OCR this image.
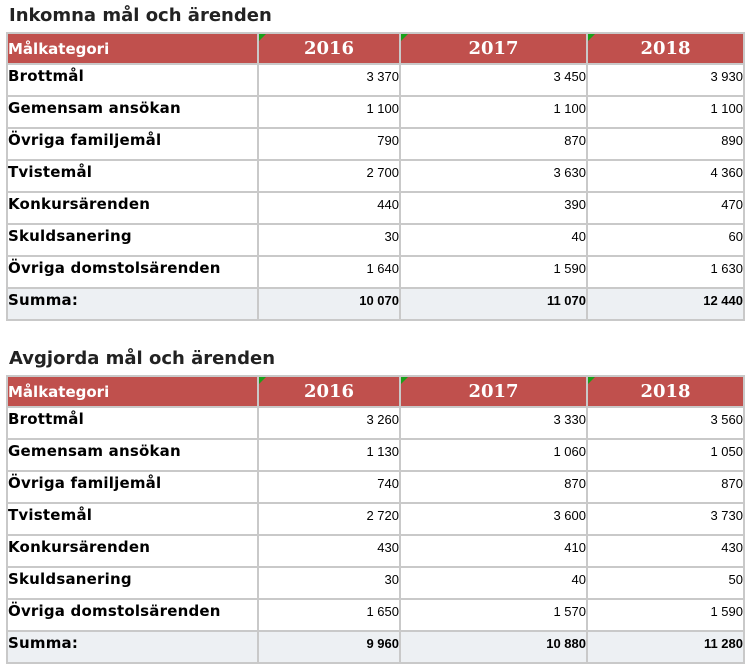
Inkomna mål och ärenden
Målkategori	2016	2017	2018
Brottmål	3 370	3 450	3 930
Gemensam ansökan	1 100	1 100	1 100
Övriga familjemål	790	870	890
Tvistemål	2 700	3 630	4 360
Konkursärenden	440	390	470
Skuldsanering	30	40	60
Övriga domstolsärenden	1 640	1 590	1 630
Summa:	10 070	11 070	12 440
Avgjorda mål och ärenden
Målkategori	2016	2017	2018
Brottmål	3 260	3 330	3 560
Gemensam ansökan	1 130	1 060	1 050
Övriga familjemål	740	870	870
Tvistemål	2 720	3 600	3 730
Konkursärenden	430	410	430
Skuldsanering	30	40	50
Övriga domstolsärenden	1 650	1 570	1 590
Summa:	9 960	10 880	11 280
